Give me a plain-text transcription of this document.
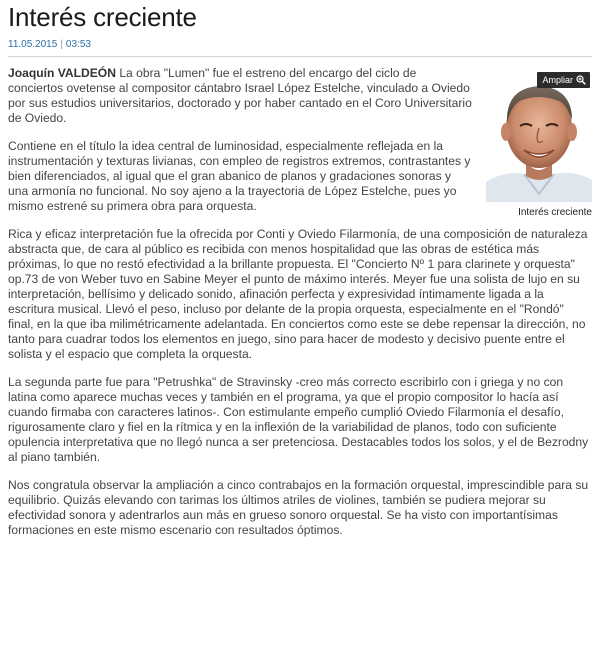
Interés creciente
11.05.2015 | 03:53
Ampliar
Interés creciente

Joaquín VALDEÓN La obra "Lumen" fue el estreno del encargo del ciclo de conciertos ovetense al compositor cántabro Israel López Estelche, vinculado a Oviedo por sus estudios universitarios, doctorado y por haber cantado en el Coro Universitario de Oviedo.

Contiene en el título la idea central de luminosidad, especialmente reflejada en la instrumentación y texturas livianas, con empleo de registros extremos, contrastantes y bien diferenciados, al igual que el gran abanico de planos y gradaciones sonoras y una armonía no funcional. No soy ajeno a la trayectoria de López Estelche, pues yo mismo estrené su primera obra para orquesta.

Rica y eficaz interpretación fue la ofrecida por Conti y Oviedo Filarmonía, de una composición de naturaleza abstracta que, de cara al público es recibida con menos hospitalidad que las obras de estética más próximas, lo que no restó efectividad a la brillante propuesta. El "Concierto Nº 1 para clarinete y orquesta" op.73 de von Weber tuvo en Sabine Meyer el punto de máximo interés. Meyer fue una solista de lujo en su interpretación, bellísimo y delicado sonido, afinación perfecta y expresividad íntimamente ligada a la escritura musical. Llevó el peso, incluso por delante de la propia orquesta, especialmente en el "Rondó" final, en la que iba milimétricamente adelantada. En conciertos como este se debe repensar la dirección, no tanto para cuadrar todos los elementos en juego, sino para hacer de modesto y decisivo puente entre el solista y el espacio que completa la orquesta.

La segunda parte fue para "Petrushka" de Stravinsky -creo más correcto escribirlo con i griega y no con latina como aparece muchas veces y también en el programa, ya que el propio compositor lo hacía así cuando firmaba con caracteres latinos-. Con estimulante empeño cumplió Oviedo Filarmonía el desafío, rigurosamente claro y fiel en la rítmica y en la inflexión de la variabilidad de planos, todo con suficiente opulencia interpretativa que no llegó nunca a ser pretenciosa. Destacables todos los solos, y el de Bezrodny al piano también.

Nos congratula observar la ampliación a cinco contrabajos en la formación orquestal, imprescindible para su equilibrio. Quizás elevando con tarimas los últimos atriles de violines, también se pudiera mejorar su efectividad sonora y adentrarlos aun más en grueso sonoro orquestal. Se ha visto con importantísimas formaciones en este mismo escenario con resultados óptimos.
